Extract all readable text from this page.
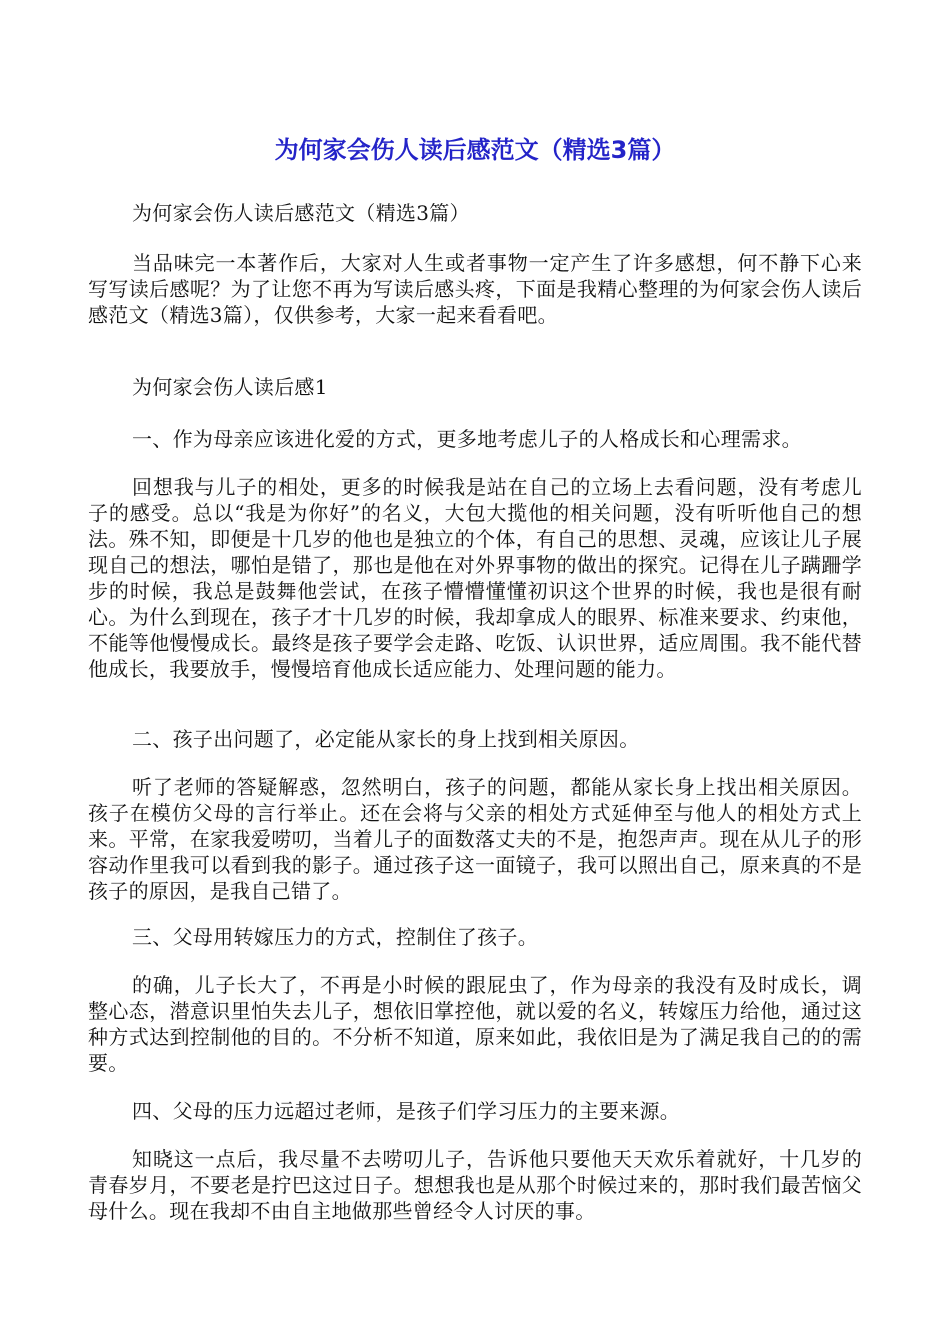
为何家会伤人读后感范文（精选3篇）

为何家会伤人读后感范文（精选3篇）

当品味完一本著作后，大家对人生或者事物一定产生了许多感想，何不静下心来写写读后感呢？为了让您不再为写读后感头疼，下面是我精心整理的为何家会伤人读后感范文（精选3篇），仅供参考，大家一起来看看吧。

为何家会伤人读后感1

一、作为母亲应该进化爱的方式，更多地考虑儿子的人格成长和心理需求。

回想我与儿子的相处，更多的时候我是站在自己的立场上去看问题，没有考虑儿子的感受。总以“我是为你好”的名义，大包大揽他的相关问题，没有听听他自己的想法。殊不知，即便是十几岁的他也是独立的个体，有自己的思想、灵魂，应该让儿子展现自己的想法，哪怕是错了，那也是他在对外界事物的做出的探究。记得在儿子蹒跚学步的时候，我总是鼓舞他尝试，在孩子懵懵懂懂初识这个世界的时候，我也是很有耐心。为什么到现在，孩子才十几岁的时候，我却拿成人的眼界、标准来要求、约束他，不能等他慢慢成长。最终是孩子要学会走路、吃饭、认识世界，适应周围。我不能代替他成长，我要放手，慢慢培育他成长适应能力、处理问题的能力。

二、孩子出问题了，必定能从家长的身上找到相关原因。

听了老师的答疑解惑，忽然明白，孩子的问题，都能从家长身上找出相关原因。孩子在模仿父母的言行举止。还在会将与父亲的相处方式延伸至与他人的相处方式上来。平常，在家我爱唠叨，当着儿子的面数落丈夫的不是，抱怨声声。现在从儿子的形容动作里我可以看到我的影子。通过孩子这一面镜子，我可以照出自己，原来真的不是孩子的原因，是我自己错了。

三、父母用转嫁压力的方式，控制住了孩子。

的确，儿子长大了，不再是小时候的跟屁虫了，作为母亲的我没有及时成长，调整心态，潜意识里怕失去儿子，想依旧掌控他，就以爱的名义，转嫁压力给他，通过这种方式达到控制他的目的。不分析不知道，原来如此，我依旧是为了满足我自己的的需要。

四、父母的压力远超过老师，是孩子们学习压力的主要来源。

知晓这一点后，我尽量不去唠叨儿子，告诉他只要他天天欢乐着就好，十几岁的青春岁月，不要老是拧巴这过日子。想想我也是从那个时候过来的，那时我们最苦恼父母什么。现在我却不由自主地做那些曾经令人讨厌的事。
